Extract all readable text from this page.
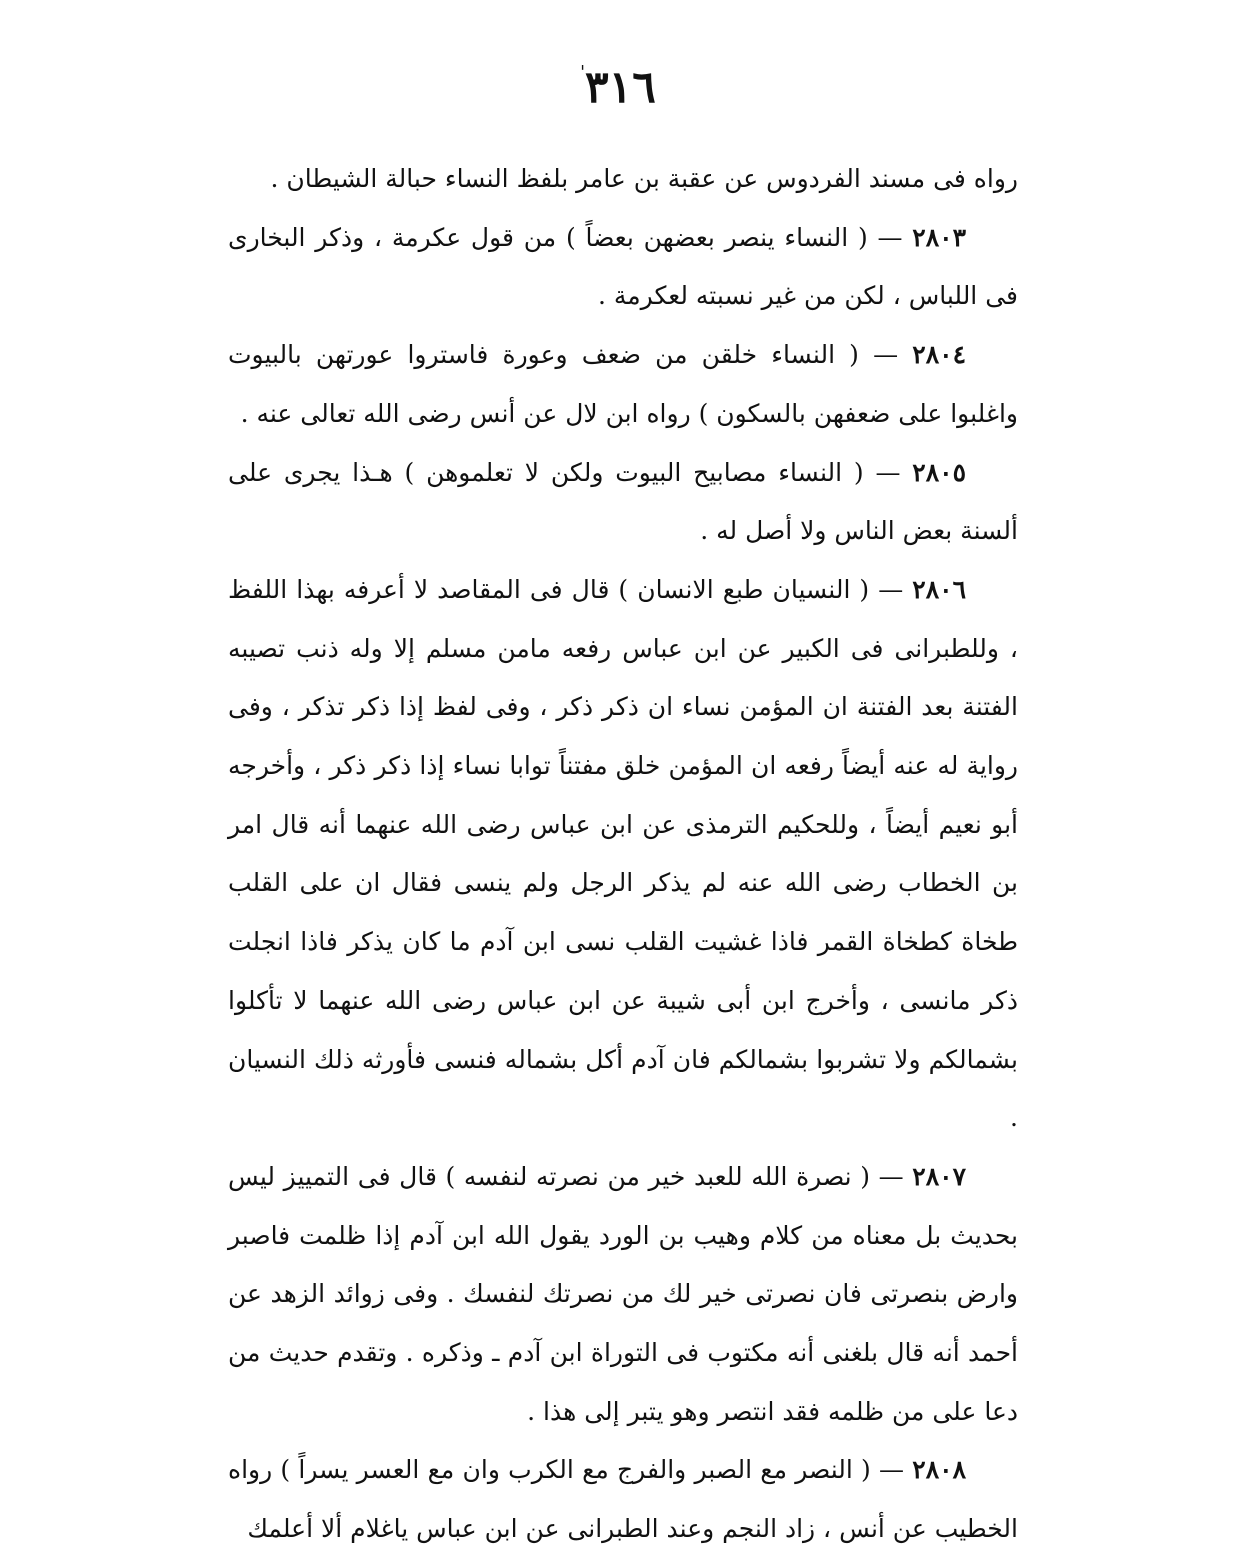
٣١٦'

رواه فى مسند الفردوس عن عقبة بن عامر بلفظ النساء حبالة الشيطان .

٢٨٠٣ — ( النساء ينصر بعضهن بعضاً ) من قول عكرمة ، وذكر البخارى فى اللباس ، لكن من غير نسبته لعكرمة .

٢٨٠٤ — ( النساء خلقن من ضعف وعورة فاستروا عورتهن بالبيوت واغلبوا على ضعفهن بالسكون ) رواه ابن لال عن أنس رضى الله تعالى عنه .

٢٨٠٥ — ( النساء مصابيح البيوت ولكن لا تعلموهن ) هـذا يجرى على ألسنة بعض الناس ولا أصل له .

٢٨٠٦ — ( النسيان طبع الانسان ) قال فى المقاصد لا أعرفه بهذا اللفظ ، وللطبرانى فى الكبير عن ابن عباس رفعه مامن مسلم إلا وله ذنب تصيبه الفتنة بعد الفتنة ان المؤمن نساء ان ذكر ذكر ، وفى لفظ إذا ذكر تذكر ، وفى رواية له عنه أيضاً رفعه ان المؤمن خلق مفتناً توابا نساء إذا ذكر ذكر ، وأخرجه أبو نعيم أيضاً ، وللحكيم الترمذى عن ابن عباس رضى الله عنهما أنه قال امر بن الخطاب رضى الله عنه لم يذكر الرجل ولم ينسى فقال ان على القلب طخاة كطخاة القمر فاذا غشيت القلب نسى ابن آدم ما كان يذكر فاذا انجلت ذكر مانسى ، وأخرج ابن أبى شيبة عن ابن عباس رضى الله عنهما لا تأكلوا بشمالكم ولا تشربوا بشمالكم فان آدم أكل بشماله فنسى فأورثه ذلك النسيان .

٢٨٠٧ — ( نصرة الله للعبد خير من نصرته لنفسه ) قال فى التمييز ليس بحديث بل معناه من كلام وهيب بن الورد يقول الله ابن آدم إذا ظلمت فاصبر وارض بنصرتى فان نصرتى خير لك من نصرتك لنفسك . وفى زوائد الزهد عن أحمد أنه قال بلغنى أنه مكتوب فى التوراة ابن آدم ـ وذكره . وتقدم حديث من دعا على من ظلمه فقد انتصر وهو يتبر إلى هذا .

٢٨٠٨ — ( النصر مع الصبر والفرج مع الكرب وان مع العسر يسراً ) رواه الخطيب عن أنس ، زاد النجم وعند الطبرانى عن ابن عباس ياغلام ألا أعلمك
